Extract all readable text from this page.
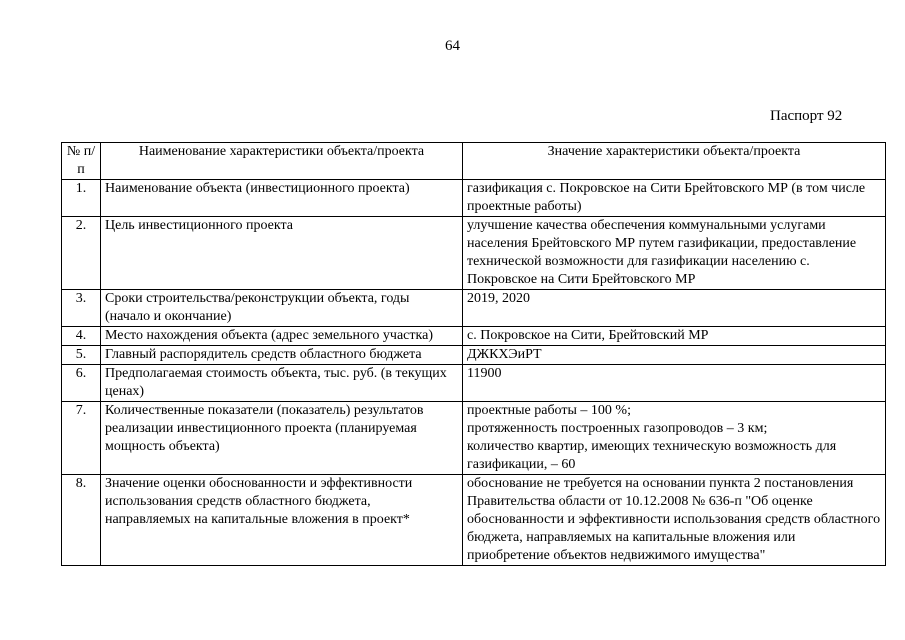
64
Паспорт 92
№ п/п	Наименование характеристики объекта/проекта	Значение характеристики объекта/проекта
1.	Наименование объекта (инвестиционного проекта)	газификация с. Покровское на Сити Брейтовского МР (в том числе проектные работы)

2.	Цель инвестиционного проекта	улучшение качества обеспечения коммунальными услугами населения Брейтовского МР путем газификации, предоставление технической возможности для газификации населению с. Покровское на Сити Брейтовского МР

3.	Сроки строительства/реконструкции объекта, годы (начало и окончание)	2019, 2020

4.	Место нахождения объекта (адрес земельного участка)	с. Покровское на Сити, Брейтовский МР

5.	Главный распорядитель средств областного бюджета	ДЖКХЭиРТ

6.	Предполагаемая стоимость объекта, тыс. руб. (в текущих ценах)	11900

7.	Количественные показатели (показатель) результатов реализации инвестиционного проекта (планируемая мощность объекта)	проектные работы – 100 %;
протяженность построенных газопроводов – 3 км;
количество квартир, имеющих техническую возможность для газификации, – 60

8.	Значение оценки обоснованности и эффективности использования средств областного бюджета, направляемых на капитальные вложения в проект*	обоснование не требуется на основании пункта 2 постановления Правительства области от 10.12.2008 № 636-п "Об оценке обоснованности и эффективности использования средств областного бюджета, направляемых на капитальные вложения или приобретение объектов недвижимого имущества"
